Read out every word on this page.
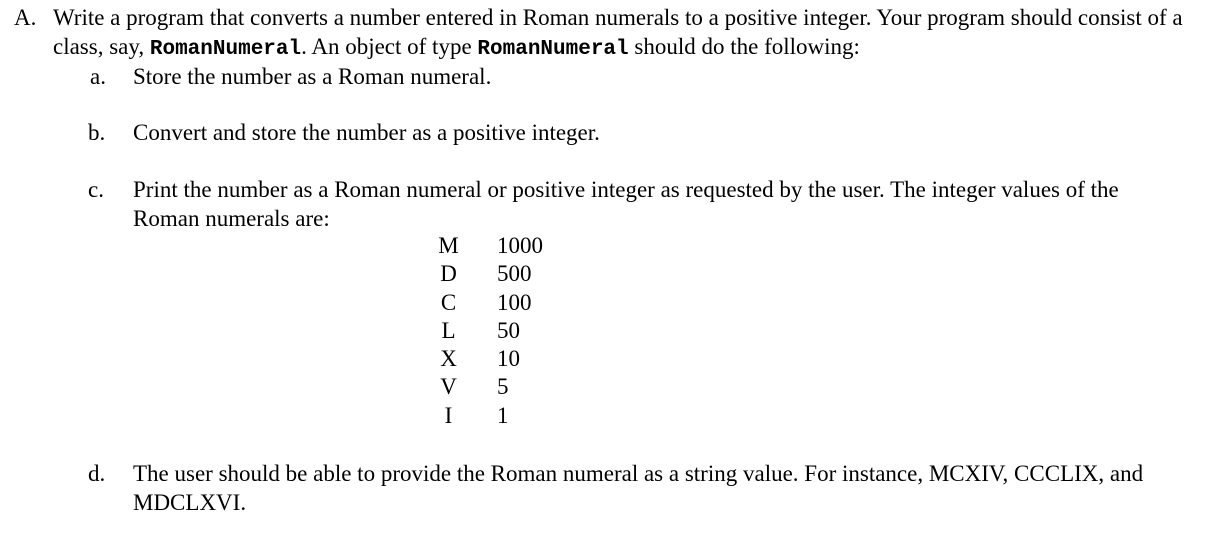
A. Write a program that converts a number entered in Roman numerals to a positive integer. Your program should consist of a class, say, RomanNumeral. An object of type RomanNumeral should do the following:
a. Store the number as a Roman numeral.
b. Convert and store the number as a positive integer.
c. Print the number as a Roman numeral or positive integer as requested by the user. The integer values of the Roman numerals are:
M	1000
D	500
C	100
L	50
X	10
V	5
I	1
d. The user should be able to provide the Roman numeral as a string value. For instance, MCXIV, CCCLIX, and MDCLXVI.
